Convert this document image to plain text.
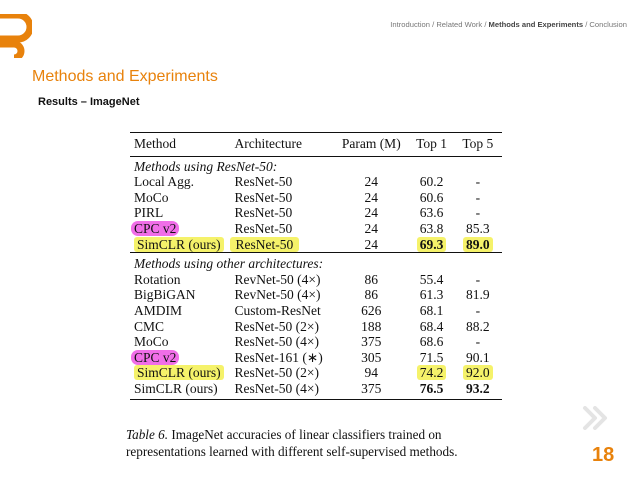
Introduction / Related Work / Methods and Experiments / Conclusion
Methods and Experiments
Results – ImageNet
Method	Architecture	Param (M)	Top 1	Top 5
Methods using ResNet-50:				
Local Agg.	ResNet-50	24	60.2	-
MoCo	ResNet-50	24	60.6	-
PIRL	ResNet-50	24	63.6	-
CPC v2	ResNet-50	24	63.8	85.3
SimCLR (ours)	ResNet-50	24	69.3	89.0
Methods using other architectures:				
Rotation	RevNet-50 (4×)	86	55.4	-
BigBiGAN	RevNet-50 (4×)	86	61.3	81.9
AMDIM	Custom-ResNet	626	68.1	-
CMC	ResNet-50 (2×)	188	68.4	88.2
MoCo	ResNet-50 (4×)	375	68.6	-
CPC v2	ResNet-161 (∗)	305	71.5	90.1
SimCLR (ours)	ResNet-50 (2×)	94	74.2	92.0
SimCLR (ours)	ResNet-50 (4×)	375	76.5	93.2
Table 6. ImageNet accuracies of linear classifiers trained on representations learned with different self-supervised methods.	18
